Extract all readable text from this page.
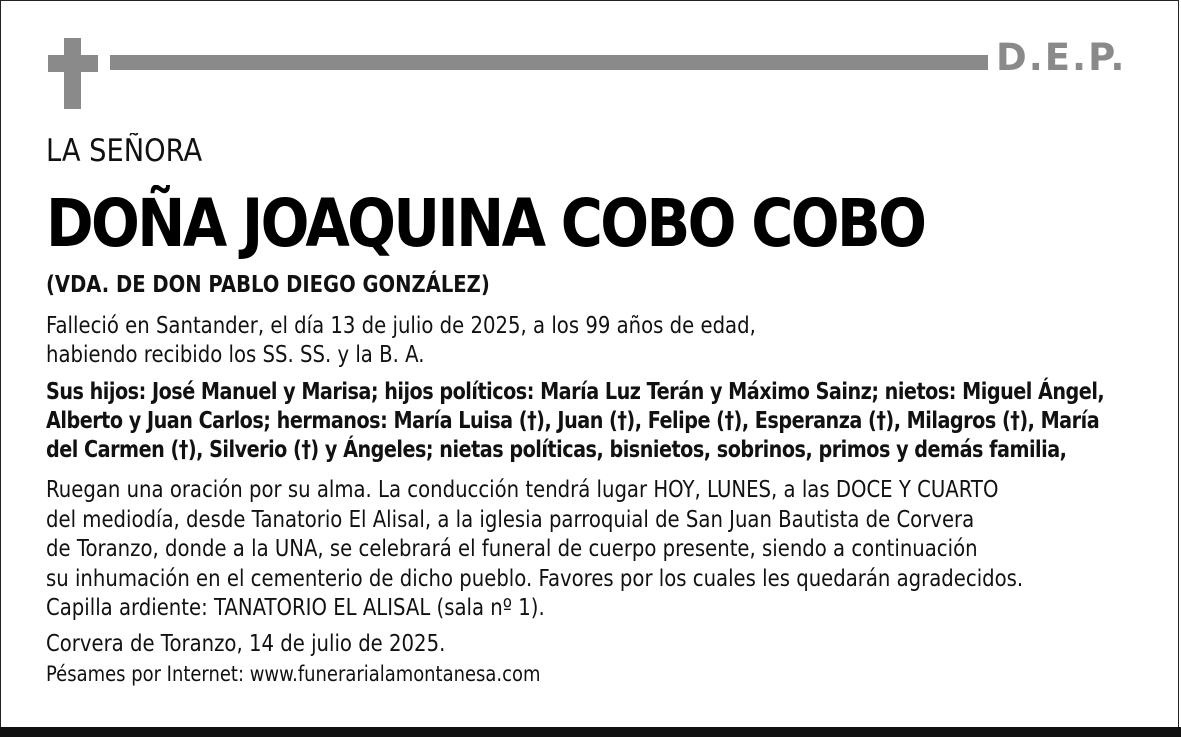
D.E.P.
LA SEÑORA
DOÑA JOAQUINA COBO COBO
(VDA. DE DON PABLO DIEGO GONZÁLEZ)

Falleció en Santander, el día 13 de julio de 2025, a los 99 años de edad,

habiendo recibido los SS. SS. y la B. A.

Sus hijos: José Manuel y Marisa; hijos políticos: María Luz Terán y Máximo Sainz; nietos: Miguel Ángel,

Alberto y Juan Carlos; hermanos: María Luisa (†), Juan (†), Felipe (†), Esperanza (†), Milagros (†), María

del Carmen (†), Silverio (†) y Ángeles; nietas políticas, bisnietos, sobrinos, primos y demás familia,

Ruegan una oración por su alma. La conducción tendrá lugar HOY, LUNES, a las DOCE Y CUARTO

del mediodía, desde Tanatorio El Alisal, a la iglesia parroquial de San Juan Bautista de Corvera

de Toranzo, donde a la UNA, se celebrará el funeral de cuerpo presente, siendo a continuación

su inhumación en el cementerio de dicho pueblo. Favores por los cuales les quedarán agradecidos.

Capilla ardiente: TANATORIO EL ALISAL (sala nº 1).

Corvera de Toranzo, 14 de julio de 2025.

Pésames por Internet: www.funerarialamontanesa.com
